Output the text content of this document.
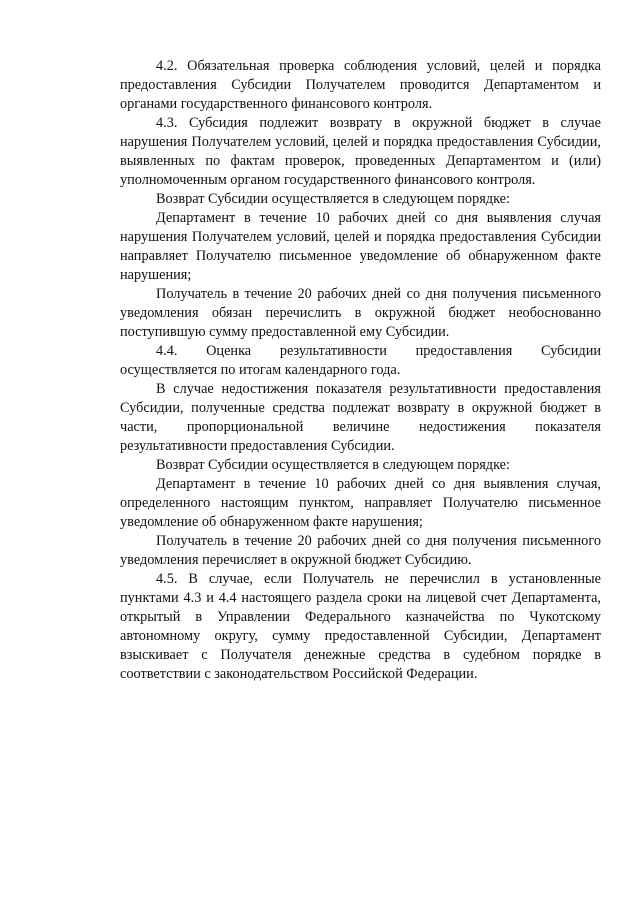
4.2. Обязательная проверка соблюдения условий, целей и порядка предоставления Субсидии Получателем проводится Департаментом и органами государственного финансового контроля.

4.3. Субсидия подлежит возврату в окружной бюджет в случае нарушения Получателем условий, целей и порядка предоставления Субсидии, выявленных по фактам проверок, проведенных Департаментом и (или) уполномоченным органом государственного финансового контроля.

Возврат Субсидии осуществляется в следующем порядке:

Департамент в течение 10 рабочих дней со дня выявления случая нарушения Получателем условий, целей и порядка предоставления Субсидии направляет Получателю письменное уведомление об обнаруженном факте нарушения;

Получатель в течение 20 рабочих дней со дня получения письменного уведомления обязан перечислить в окружной бюджет необоснованно поступившую сумму предоставленной ему Субсидии.

4.4. Оценка результативности предоставления Субсидии осуществляется по итогам календарного года.

В случае недостижения показателя результативности предоставления Субсидии, полученные средства подлежат возврату в окружной бюджет в части, пропорциональной величине недостижения показателя результативности предоставления Субсидии.

Возврат Субсидии осуществляется в следующем порядке:

Департамент в течение 10 рабочих дней со дня выявления случая, определенного настоящим пунктом, направляет Получателю письменное уведомление об обнаруженном факте нарушения;

Получатель в течение 20 рабочих дней со дня получения письменного уведомления перечисляет в окружной бюджет Субсидию.

4.5. В случае, если Получатель не перечислил в установленные пунктами 4.3 и 4.4 настоящего раздела сроки на лицевой счет Департамента, открытый в Управлении Федерального казначейства по Чукотскому автономному округу, сумму предоставленной Субсидии, Департамент взыскивает с Получателя денежные средства в судебном порядке в соответствии с законодательством Российской Федерации.
